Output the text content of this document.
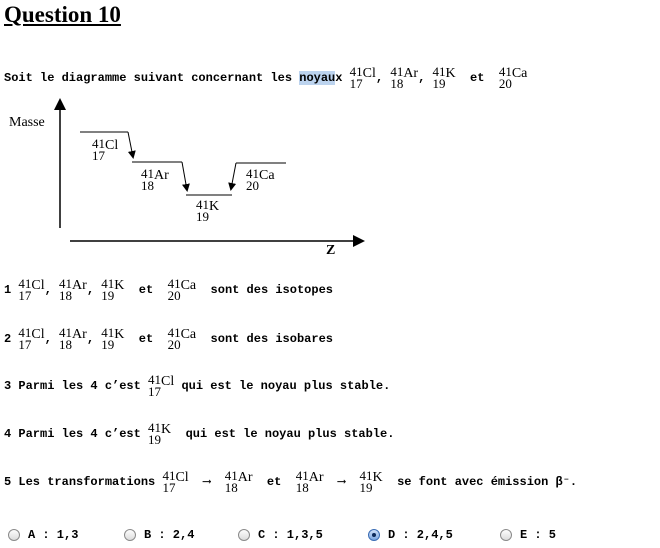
Question 10
Soit le diagramme suivant concernant les noyaux 41
17
Cl, 41
18
Ar, 41
19
K et 41
20
Ca
Masse
Z
41
17
Cl
41
18
Ar
41
19
K
41
20
Ca
1 41
17
Cl, 41
18
Ar, 41
19
K et 41
20
Ca sont des isotopes
2 41
17
Cl, 41
18
Ar, 41
19
K et 41
20
Ca sont des isobares
3 Parmi les 4 c’est 41
17
Cl qui est le noyau plus stable.
4 Parmi les 4 c’est 41
19
K qui est le noyau plus stable.
5 Les transformations 41
17
Cl ⟶ 41
18
Ar et 41
18
Ar ⟶ 41
19
K se font avec émission β⁻.
A : 1,3	B : 2,4	C : 1,3,5	D : 2,4,5	E : 5
